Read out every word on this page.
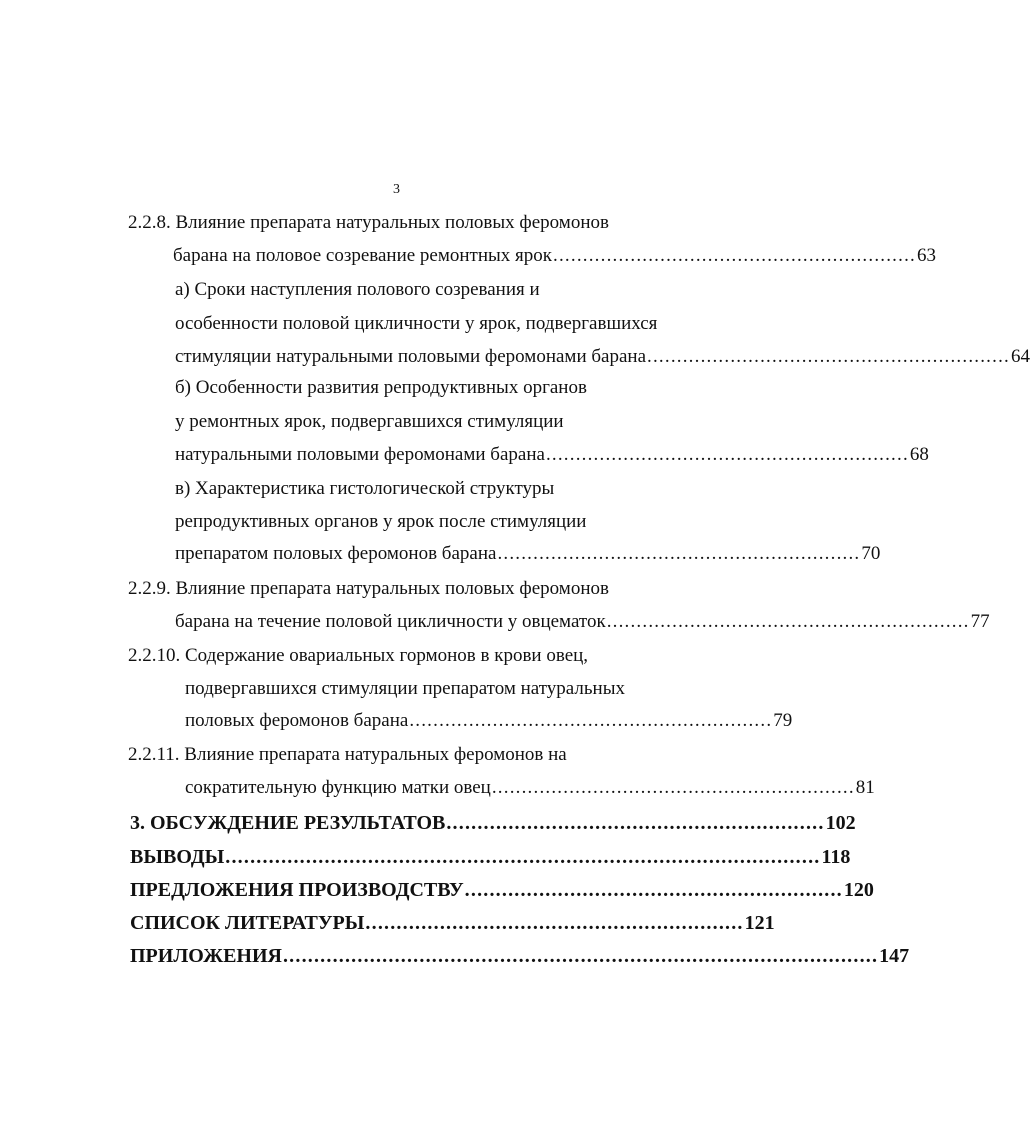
3
2.2.8. Влияние препарата натуральных половых феромонов
барана на половое созревание ремонтных ярок ............................................................. 63
а) Сроки наступления полового созревания и
особенности половой цикличности у ярок, подвергавшихся
стимуляции натуральными половыми феромонами барана ............................................................. 64
б) Особенности развития репродуктивных органов
у ремонтных ярок, подвергавшихся стимуляции
натуральными половыми феромонами барана ............................................................. 68
в) Характеристика гистологической структуры
репродуктивных органов у ярок после стимуляции
препаратом половых феромонов барана ............................................................. 70
2.2.9. Влияние препарата натуральных половых феромонов
барана на течение половой цикличности у овцематок ............................................................. 77
2.2.10. Содержание овариальных гормонов в крови овец,
подвергавшихся стимуляции препаратом натуральных
половых феромонов барана ............................................................. 79
2.2.11. Влияние препарата натуральных феромонов на
сократительную функцию матки овец ............................................................. 81
3. ОБСУЖДЕНИЕ РЕЗУЛЬТАТОВ ............................................................. 102
ВЫВОДЫ ................................................................................................ 118
ПРЕДЛОЖЕНИЯ ПРОИЗВОДСТВУ ............................................................. 120
СПИСОК ЛИТЕРАТУРЫ ............................................................. 121
ПРИЛОЖЕНИЯ ................................................................................................ 147
